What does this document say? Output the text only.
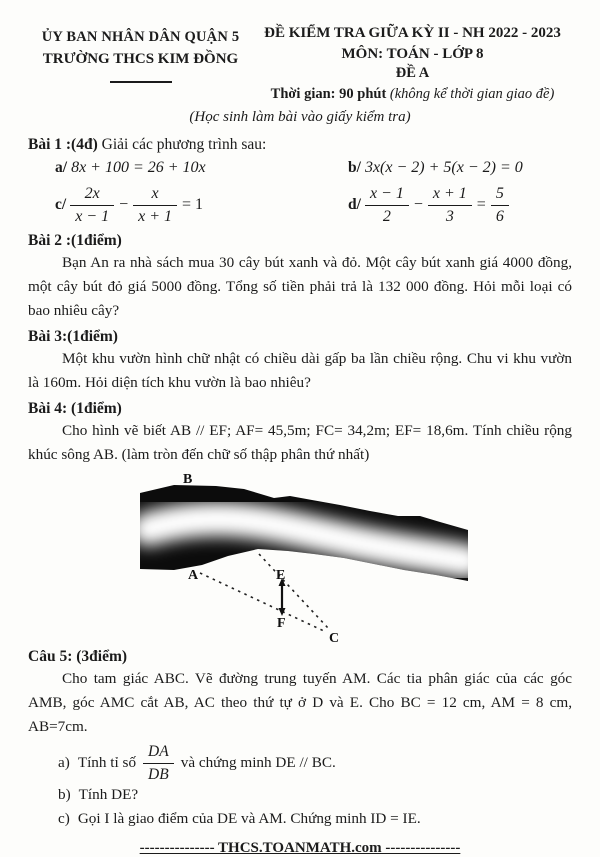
ỦY BAN NHÂN DÂN QUẬN 5
TRƯỜNG THCS KIM ĐỒNG
ĐỀ KIỂM TRA GIỮA KỲ II - NH 2022 - 2023
MÔN: TOÁN - LỚP 8
ĐỀ A
Thời gian: 90 phút (không kể thời gian giao đề)
(Học sinh làm bài vào giấy kiểm tra)
Bài 1 :(4đ) Giải các phương trình sau:
a/ 8x + 100 = 26 + 10x	b/ 3x(x − 2) + 5(x − 2) = 0
$c/ \frac{2x}{x - 1} - \frac{x}{x + 1} = 1$	$d/ \frac{x - 1}{2} - \frac{x + 1}{3} = \frac{5}{6}$
Bài 2 :(1điểm)
Bạn An ra nhà sách mua 30 cây bút xanh và đỏ. Một cây bút xanh giá 4000 đồng, một cây bút đỏ giá 5000 đồng. Tổng số tiền phải trả là 132 000 đồng. Hỏi mỗi loại có bao nhiêu cây?
Bài 3:(1điểm)
Một khu vườn hình chữ nhật có chiều dài gấp ba lần chiều rộng. Chu vi khu vườn là 160m. Hỏi diện tích khu vườn là bao nhiêu?
Bài 4: (1điểm)
Cho hình vẽ biết AB // EF; AF= 45,5m; FC= 34,2m; EF= 18,6m. Tính chiều rộng khúc sông AB. (làm tròn đến chữ số thập phân thứ nhất)
B
A	E
F
C
Câu 5: (3điểm)
Cho tam giác ABC. Vẽ đường trung tuyến AM. Các tia phân giác của các góc AMB, góc AMC cắt AB, AC theo thứ tự ở D và E. Cho BC = 12 cm, AM = 8 cm, AB=7cm.
a) Tính tỉ số $\frac{DA}{DB}$ và chứng minh DE // BC.
b) Tính DE?
c) Gọi I là giao điểm của DE và AM. Chứng minh ID = IE.
--------------- THCS.TOANMATH.com ---------------
